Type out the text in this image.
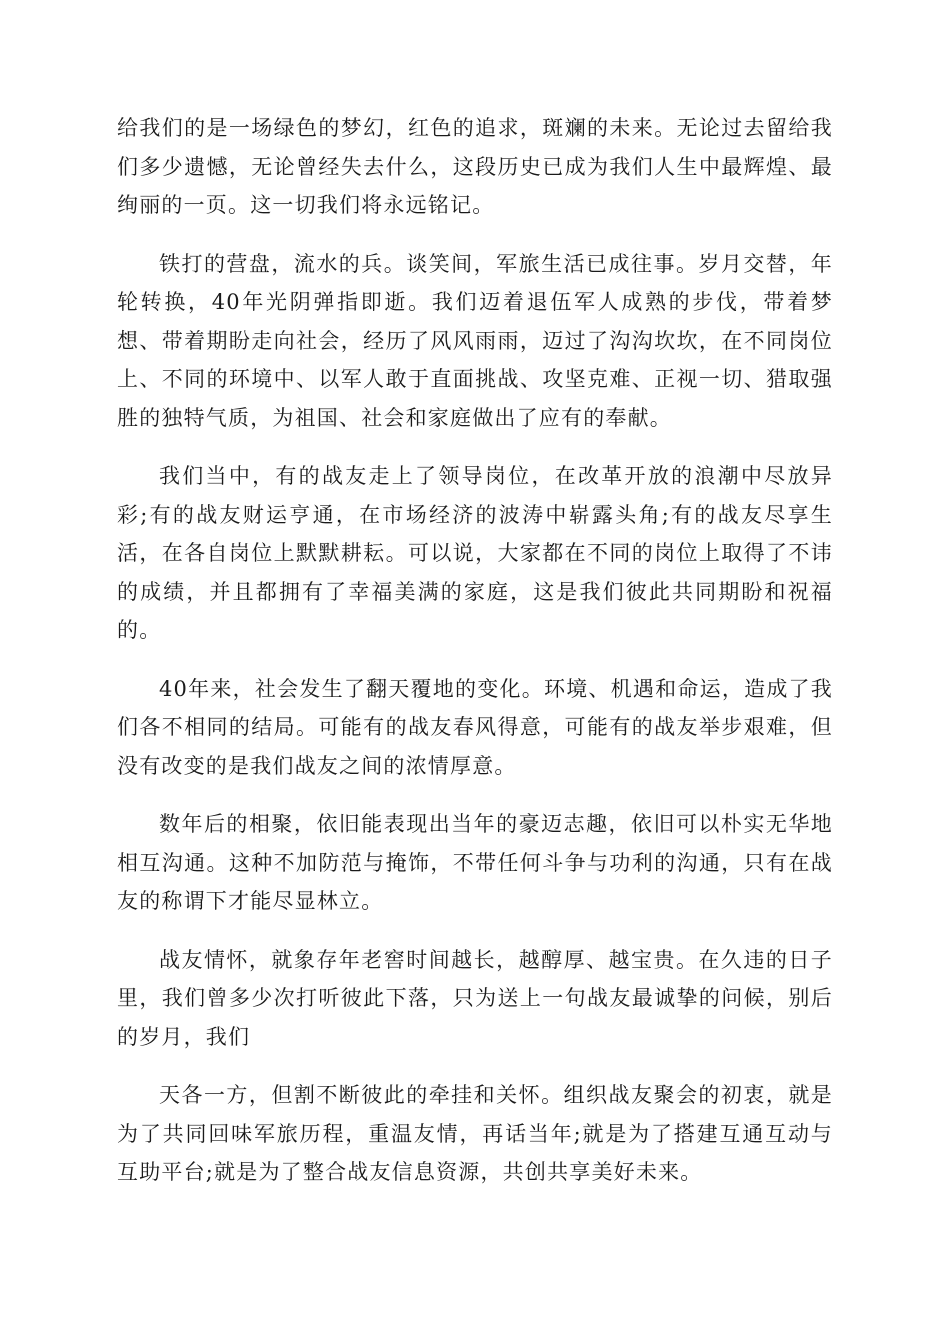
给我们的是一场绿色的梦幻，红色的追求，斑斓的未来。无论过去留给我们多少遗憾，无论曾经失去什么，这段历史已成为我们人生中最辉煌、最绚丽的一页。这一切我们将永远铭记。

铁打的营盘，流水的兵。谈笑间，军旅生活已成往事。岁月交替，年轮转换，40年光阴弹指即逝。我们迈着退伍军人成熟的步伐，带着梦想、带着期盼走向社会，经历了风风雨雨，迈过了沟沟坎坎，在不同岗位上、不同的环境中、以军人敢于直面挑战、攻坚克难、正视一切、猎取强胜的独特气质，为祖国、社会和家庭做出了应有的奉献。

我们当中，有的战友走上了领导岗位，在改革开放的浪潮中尽放异彩;有的战友财运亨通，在市场经济的波涛中崭露头角;有的战友尽享生活，在各自岗位上默默耕耘。可以说，大家都在不同的岗位上取得了不讳的成绩，并且都拥有了幸福美满的家庭，这是我们彼此共同期盼和祝福的。

40年来，社会发生了翻天覆地的变化。环境、机遇和命运，造成了我们各不相同的结局。可能有的战友春风得意，可能有的战友举步艰难，但没有改变的是我们战友之间的浓情厚意。

数年后的相聚，依旧能表现出当年的豪迈志趣，依旧可以朴实无华地相互沟通。这种不加防范与掩饰，不带任何斗争与功利的沟通，只有在战友的称谓下才能尽显林立。

战友情怀，就象存年老窖时间越长，越醇厚、越宝贵。在久违的日子里，我们曾多少次打听彼此下落，只为送上一句战友最诚挚的问候，别后的岁月，我们

天各一方，但割不断彼此的牵挂和关怀。组织战友聚会的初衷，就是为了共同回味军旅历程，重温友情，再话当年;就是为了搭建互通互动与互助平台;就是为了整合战友信息资源，共创共享美好未来。
